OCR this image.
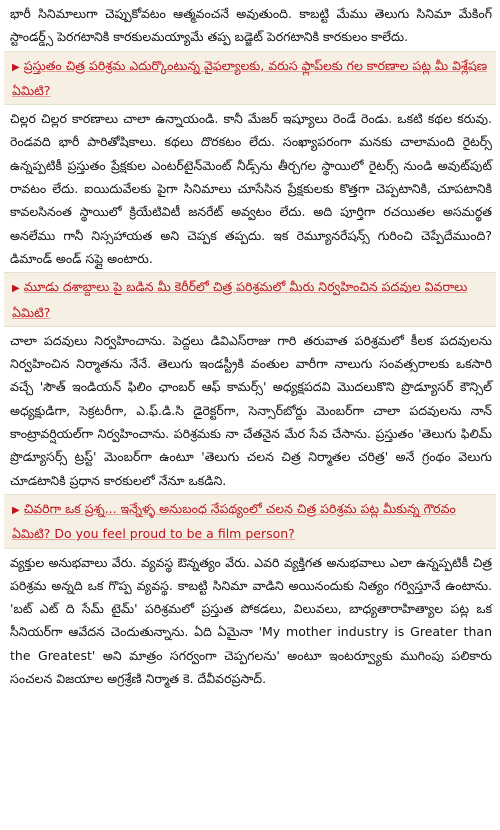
భారీ సినిమాలుగా చెప్పుకోవటం ఆత్మవంచనే అవుతుంది. కాబట్టి మేము తెలుగు సినిమా మేకింగ్ స్టాండర్డ్స్ పెరగటానికి కారకులమయ్యామే తప్ప బడ్జెట్ పెరగటానికి కారకులం కాలేదు.

▶ ప్రస్తుతం చిత్ర పరిశ్రమ ఎదుర్కొంటున్న వైఫల్యాలకు, వరుస ఫ్లాప్‌లకు గల కారణాల పట్ల మీ విశ్లేషణ ఏమిటి?

చిల్లర చిల్లర కారణాలు చాలా ఉన్నాయండి. కానీ మేజర్ ఇష్యూలు రెండే రెండు. ఒకటి కథల కరువు. రెండవది భారీ పారితోషికాలు. కథలు దొరకటం లేదు. సంఖ్యాపరంగా మనకు చాలామంది రైటర్స్ ఉన్నప్పటికీ ప్రస్తుతం ప్రేక్షకుల ఎంటర్‌టైన్‌మెంట్ నీడ్స్‌ను తీర్చగల స్థాయిలో రైటర్స్ నుండి అవుట్‌పుట్ రావటం లేదు. ఐయిదువేలకు పైగా సినిమాలు చూసేసిన ప్రేక్షకులకు కొత్తగా చెప్పటానికి, చూపటానికి కావలసినంత స్థాయిలో క్రియేటివిటీ జనరేట్ అవ్వటం లేదు. అది పూర్తిగా రచయితల అసమర్థత అనలేము గానీ నిస్సహాయత అని చెప్పక తప్పదు. ఇక రెమ్యూనరేషన్స్ గురించి చెప్పేదేముంది? డిమాండ్ అండ్ సప్లై అంటారు.

▶ మూడు దశాబ్దాలు పై బడిన మీ కెరీర్‌లో చిత్ర పరిశ్రమలో మీరు నిర్వహించిన పదవుల వివరాలు ఏమిటి?

చాలా పదవులు నిర్వహించాను. పెద్దలు డివిఎస్‌రాజు గారి తరువాత పరిశ్రమలో కీలక పదవులను నిర్వహించిన నిర్మాతను నేనే. తెలుగు ఇండస్ట్రీకి వంతుల వారీగా నాలుగు సంవత్సరాలకు ఒకసారి వచ్చే 'సౌత్ ఇండియన్ ఫిలిం ఛాంబర్ ఆఫ్ కామర్స్' అధ్యక్షపదవి మొదలుకొని ప్రొడ్యూసర్ కౌన్సిల్ అధ్యక్షుడిగా, సెక్రటరీగా, ఎ.ఫ్.డి.సి డైరెక్టర్‌గా, సెన్సార్‌బోర్డు మెంబర్‌గా చాలా పదవులను నాన్ కాంట్రావర్షియల్‌గా నిర్వహించాను. పరిశ్రమకు నా చేతనైన మేర సేవ చేసాను. ప్రస్తుతం 'తెలుగు ఫిలిమ్ ప్రొడ్యూసర్స్ ట్రస్ట్' మెంబర్‌గా ఉంటూ 'తెలుగు చలన చిత్ర నిర్మాతల చరిత్ర' అనే గ్రంథం వెలుగు చూడటానికి ప్రధాన కారకులలో నేనూ ఒకడిని.

▶ చివరిగా ఒక ప్రశ్న... ఇన్నేళ్ళ అనుబంధ నేపథ్యంలో చలన చిత్ర పరిశ్రమ పట్ల మీకున్న గౌరవం ఏమిటి? Do you feel proud to be a film person?

వ్యక్తుల అనుభవాలు వేరు. వ్యవస్థ ఔన్నత్యం వేరు. ఎవరి వ్యక్తిగత అనుభవాలు ఎలా ఉన్నప్పటికీ చిత్ర పరిశ్రమ అన్నది ఒక గొప్ప వ్యవస్థ. కాబట్టి సినిమా వాడిని అయినందుకు నిత్యం గర్విస్తూనే ఉంటాను. 'బట్ ఎట్ ది సేమ్ టైమ్' పరిశ్రమలో ప్రస్తుత పోకడలు, విలువలు, బాధ్యతారాహిత్యాల పట్ల ఒక సీనియర్‌గా ఆవేదన చెందుతున్నాను. ఏది ఏమైనా 'My mother industry is Greater than the Greatest' అని మాత్రం సగర్వంగా చెప్పగలను' అంటూ ఇంటర్వ్యూకు ముగింపు పలికారు సంచలన విజయాల అగ్రశ్రేణి నిర్మాత కె. దేవీవరప్రసాద్.
